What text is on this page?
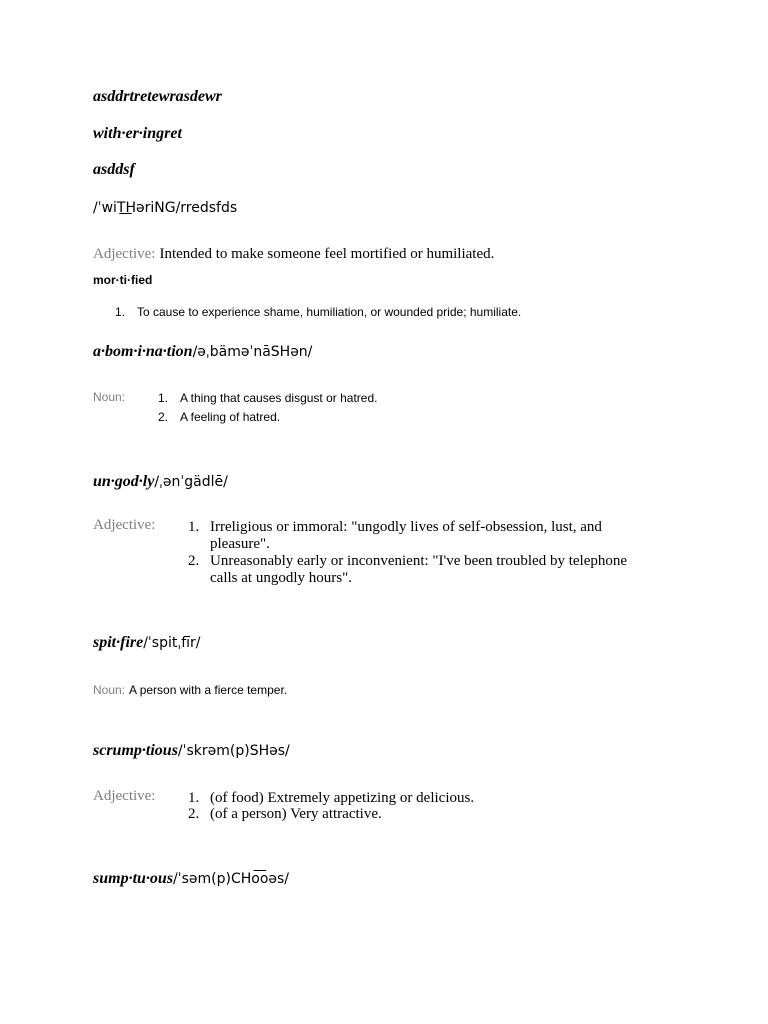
asddrtretewrasdewr
with·er·ingret
asddsf
/ˈwiT͟HəriNG/rredsfds
Adjective: Intended to make someone feel mortified or humiliated.
mor·ti·fied
1. To cause to experience shame, humiliation, or wounded pride; humiliate.
a·bom·i·na·tion/əˌbäməˈnāSHən/
Noun:	1. A thing that causes disgust or hatred.
2. A feeling of hatred.
un·god·ly/ˌənˈgädlē/
Adjective: 1. Irreligious or immoral: "ungodly lives of self-obsession, lust, and pleasure".
2. Unreasonably early or inconvenient: "I've been troubled by telephone calls at ungodly hours".
spit·fire/ˈspitˌfīr/
Noun: A person with a fierce temper.
scrump·tious/ˈskrəm(p)SHəs/
Adjective: 1. (of food) Extremely appetizing or delicious.
2. (of a person) Very attractive.
sump·tu·ous/ˈsəm(p)CHo͞oəs/
